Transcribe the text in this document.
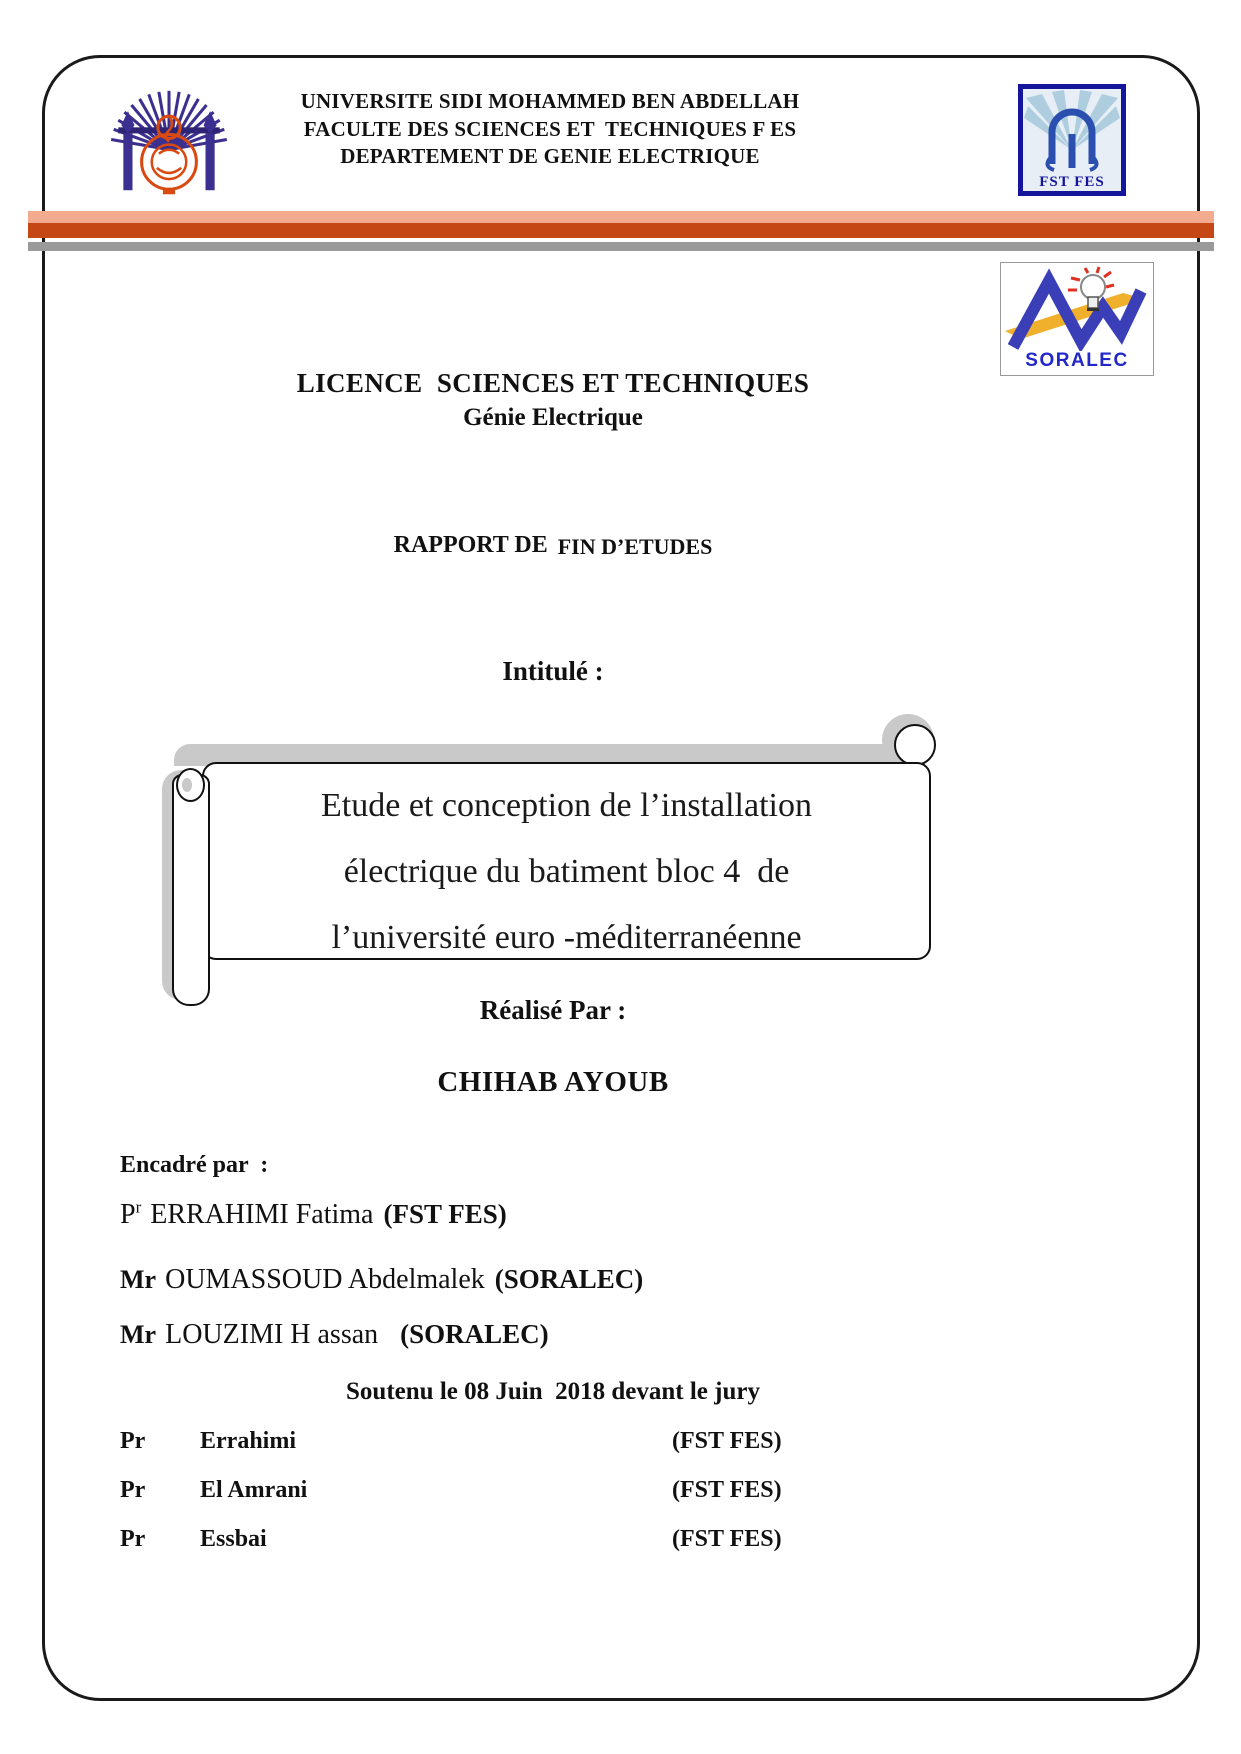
UNIVERSITE SIDI MOHAMMED BEN ABDELLAH
FACULTE DES SCIENCES ET  TECHNIQUES F ES
DEPARTEMENT DE GENIE ELECTRIQUE
FST FES
SORALEC
LICENCE  SCIENCES ET TECHNIQUES
Génie Electrique
RAPPORT DE FIN D’ETUDES
Intitulé :
Etude et conception de l’installation
électrique du batiment bloc 4  de
l’université euro -méditerranéenne
Réalisé Par :
CHIHAB AYOUB
Encadré par  :
$P^r$ ERRAHIMI Fatima (FST FES)
Mr OUMASSOUD Abdelmalek (SORALEC)
Mr LOUZIMI H assan (SORALEC)
Soutenu le 08 Juin  2018 devant le jury
Pr Errahimi	(FST FES)
Pr El Amrani	(FST FES)
Pr Essbai	(FST FES)
